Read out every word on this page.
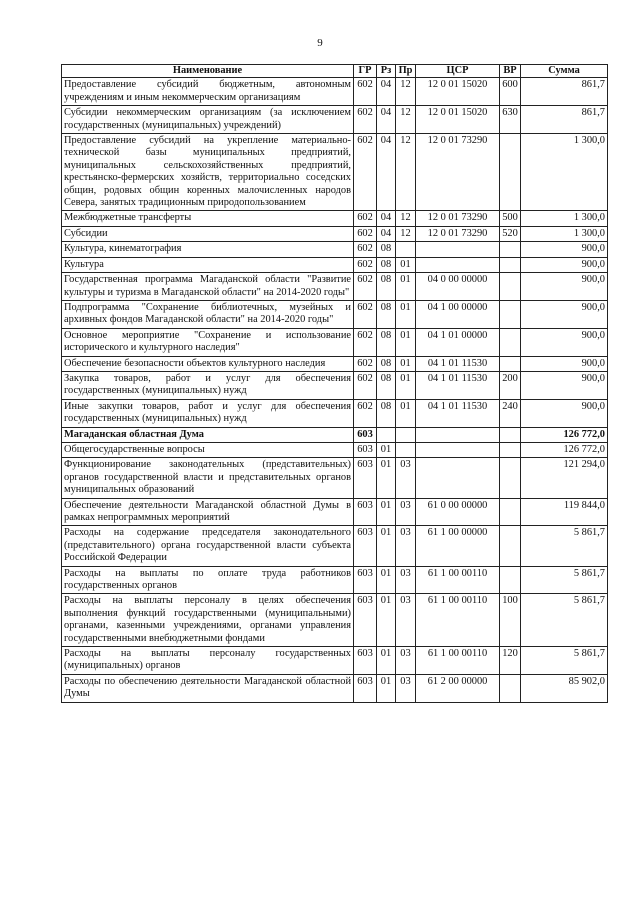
9
Наименование	ГР	Рз	Пр	ЦСР	ВР	Сумма
Предоставление субсидий бюджетным, автономным учреждениям и иным некоммерческим организациям	602	04	12	12 0 01 15020	600	861,7
Субсидии некоммерческим организациям (за исключением государственных (муниципальных) учреждений)	602	04	12	12 0 01 15020	630	861,7
Предоставление субсидий на укрепление материально-технической базы муниципальных предприятий, муниципальных сельскохозяйственных предприятий, крестьянско-фермерских хозяйств, территориально соседских общин, родовых общин коренных малочисленных народов Севера, занятых традиционным природопользованием	602	04	12	12 0 01 73290		1 300,0
Межбюджетные трансферты	602	04	12	12 0 01 73290	500	1 300,0
Субсидии	602	04	12	12 0 01 73290	520	1 300,0
Культура, кинематография	602	08				900,0
Культура	602	08	01			900,0
Государственная программа Магаданской области "Развитие культуры и туризма в Магаданской области" на 2014-2020 годы"	602	08	01	04 0 00 00000		900,0
Подпрограмма "Сохранение библиотечных, музейных и архивных фондов Магаданской области" на 2014-2020 годы"	602	08	01	04 1 00 00000		900,0
Основное мероприятие "Сохранение и использование исторического и культурного наследия"	602	08	01	04 1 01 00000		900,0
Обеспечение безопасности объектов культурного наследия	602	08	01	04 1 01 11530		900,0
Закупка товаров, работ и услуг для обеспечения государственных (муниципальных) нужд	602	08	01	04 1 01 11530	200	900,0
Иные закупки товаров, работ и услуг для обеспечения государственных (муниципальных) нужд	602	08	01	04 1 01 11530	240	900,0
Магаданская областная Дума	603					126 772,0
Общегосударственные вопросы	603	01				126 772,0
Функционирование законодательных (представительных) органов государственной власти и представительных органов муниципальных образований	603	01	03			121 294,0
Обеспечение деятельности Магаданской областной Думы в рамках непрограммных мероприятий	603	01	03	61 0 00 00000		119 844,0
Расходы на содержание председателя законодательного (представительного) органа государственной власти субъекта Российской Федерации	603	01	03	61 1 00 00000		5 861,7
Расходы на выплаты по оплате труда работников государственных органов	603	01	03	61 1 00 00110		5 861,7
Расходы на выплаты персоналу в целях обеспечения выполнения функций государственными (муниципальными) органами, казенными учреждениями, органами управления государственными внебюджетными фондами	603	01	03	61 1 00 00110	100	5 861,7
Расходы на выплаты персоналу государственных (муниципальных) органов	603	01	03	61 1 00 00110	120	5 861,7
Расходы по обеспечению деятельности Магаданской областной Думы	603	01	03	61 2 00 00000		85 902,0
